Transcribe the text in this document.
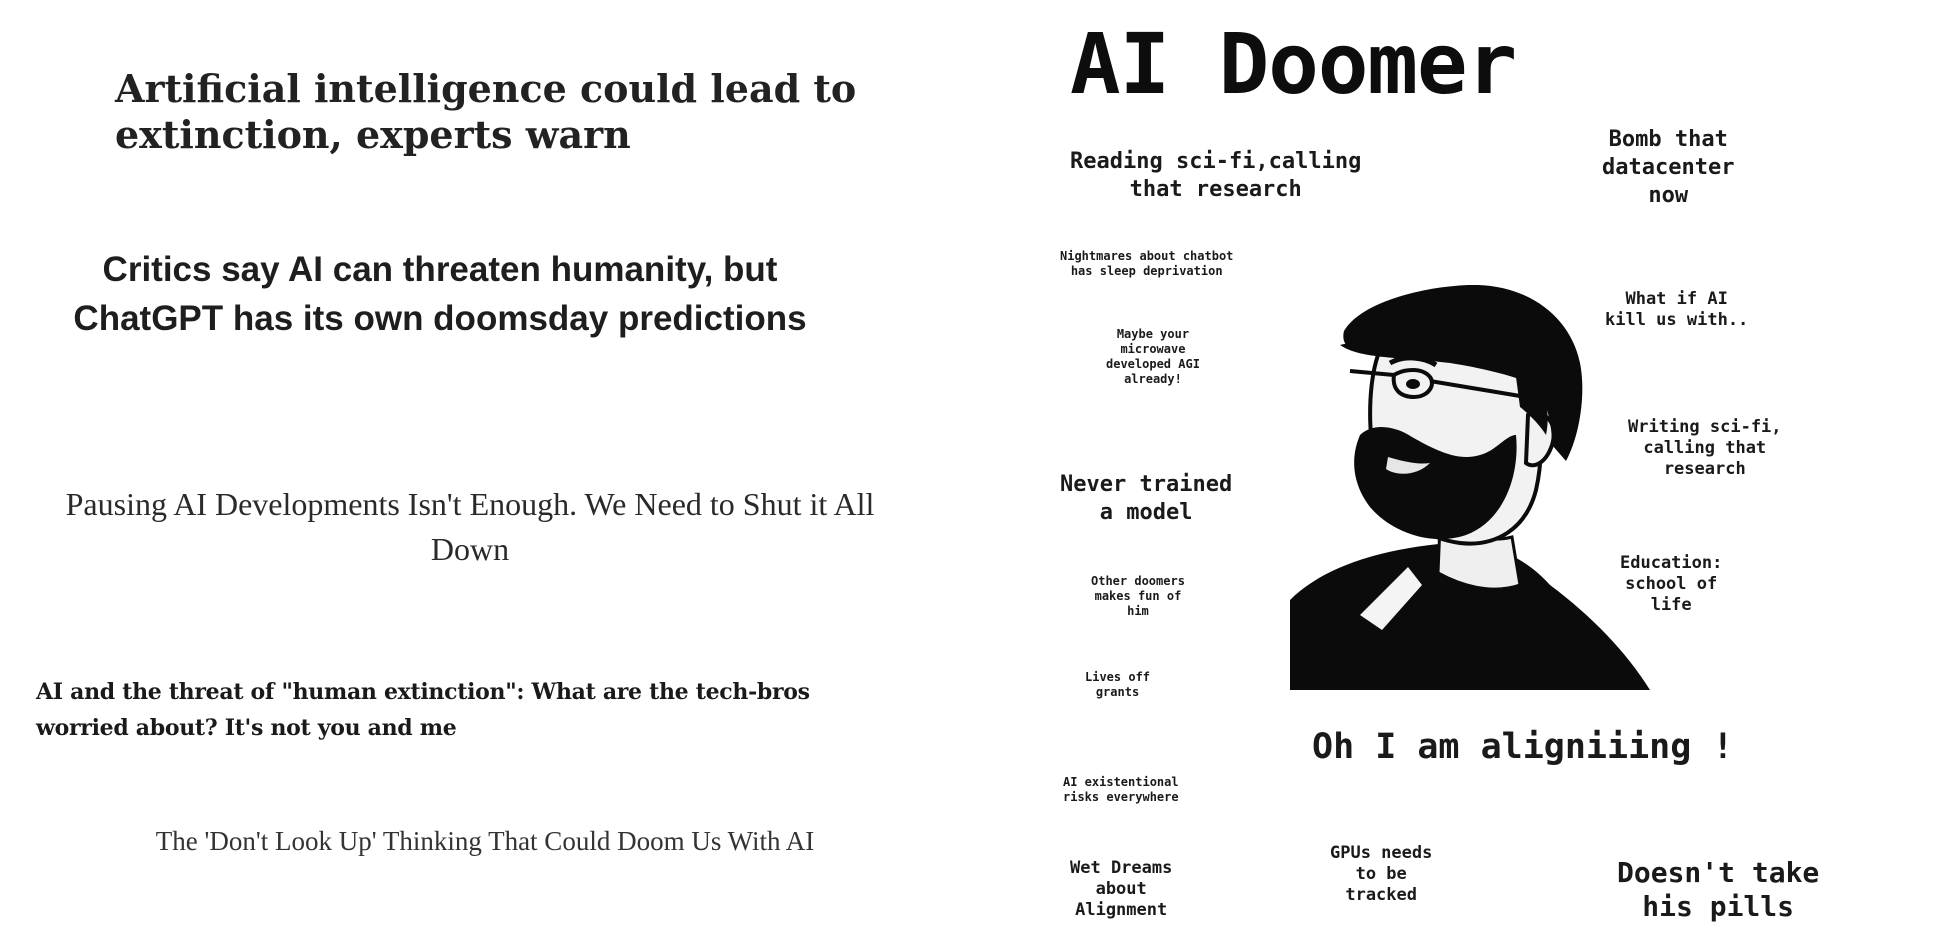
Artificial intelligence could lead to extinction, experts warn

Critics say AI can threaten humanity, but ChatGPT has its own doomsday predictions

Pausing AI Developments Isn't Enough. We Need to Shut it All Down

AI and the threat of "human extinction": What are the tech-bros worried about? It's not you and me

The 'Don't Look Up' Thinking That Could Doom Us With AI

AI Doomer

Reading sci-fi,calling
that research

Bomb that
datacenter
now

Nightmares about chatbot
has sleep deprivation

What if AI
kill us with..

Maybe your
microwave
developed AGI
already!

Writing sci-fi,
calling that
research

Never trained
a model

Education:
school of
life

Other doomers
makes fun of
him

Lives off
grants

Oh I am aligniiing !

AI existentional
risks everywhere

Wet Dreams
about
Alignment

GPUs needs
to be
tracked

Doesn't take
his pills
